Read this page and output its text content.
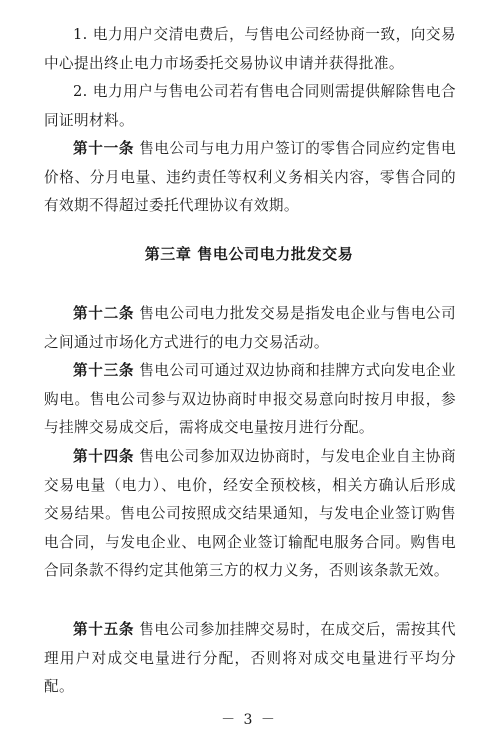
1. 电力用户交清电费后，与售电公司经协商一致，向交易中心提出终止电力市场委托交易协议申请并获得批准。

2. 电力用户与售电公司若有售电合同则需提供解除售电合同证明材料。

第十一条 售电公司与电力用户签订的零售合同应约定售电价格、分月电量、违约责任等权利义务相关内容，零售合同的有效期不得超过委托代理协议有效期。

第三章 售电公司电力批发交易

第十二条 售电公司电力批发交易是指发电企业与售电公司之间通过市场化方式进行的电力交易活动。

第十三条 售电公司可通过双边协商和挂牌方式向发电企业购电。售电公司参与双边协商时申报交易意向时按月申报，参与挂牌交易成交后，需将成交电量按月进行分配。

第十四条 售电公司参加双边协商时，与发电企业自主协商交易电量（电力）、电价，经安全预校核，相关方确认后形成交易结果。售电公司按照成交结果通知，与发电企业签订购售电合同，与发电企业、电网企业签订输配电服务合同。购售电合同条款不得约定其他第三方的权力义务，否则该条款无效。

第十五条 售电公司参加挂牌交易时，在成交后，需按其代理用户对成交电量进行分配，否则将对成交电量进行平均分配。

－ 3 －
